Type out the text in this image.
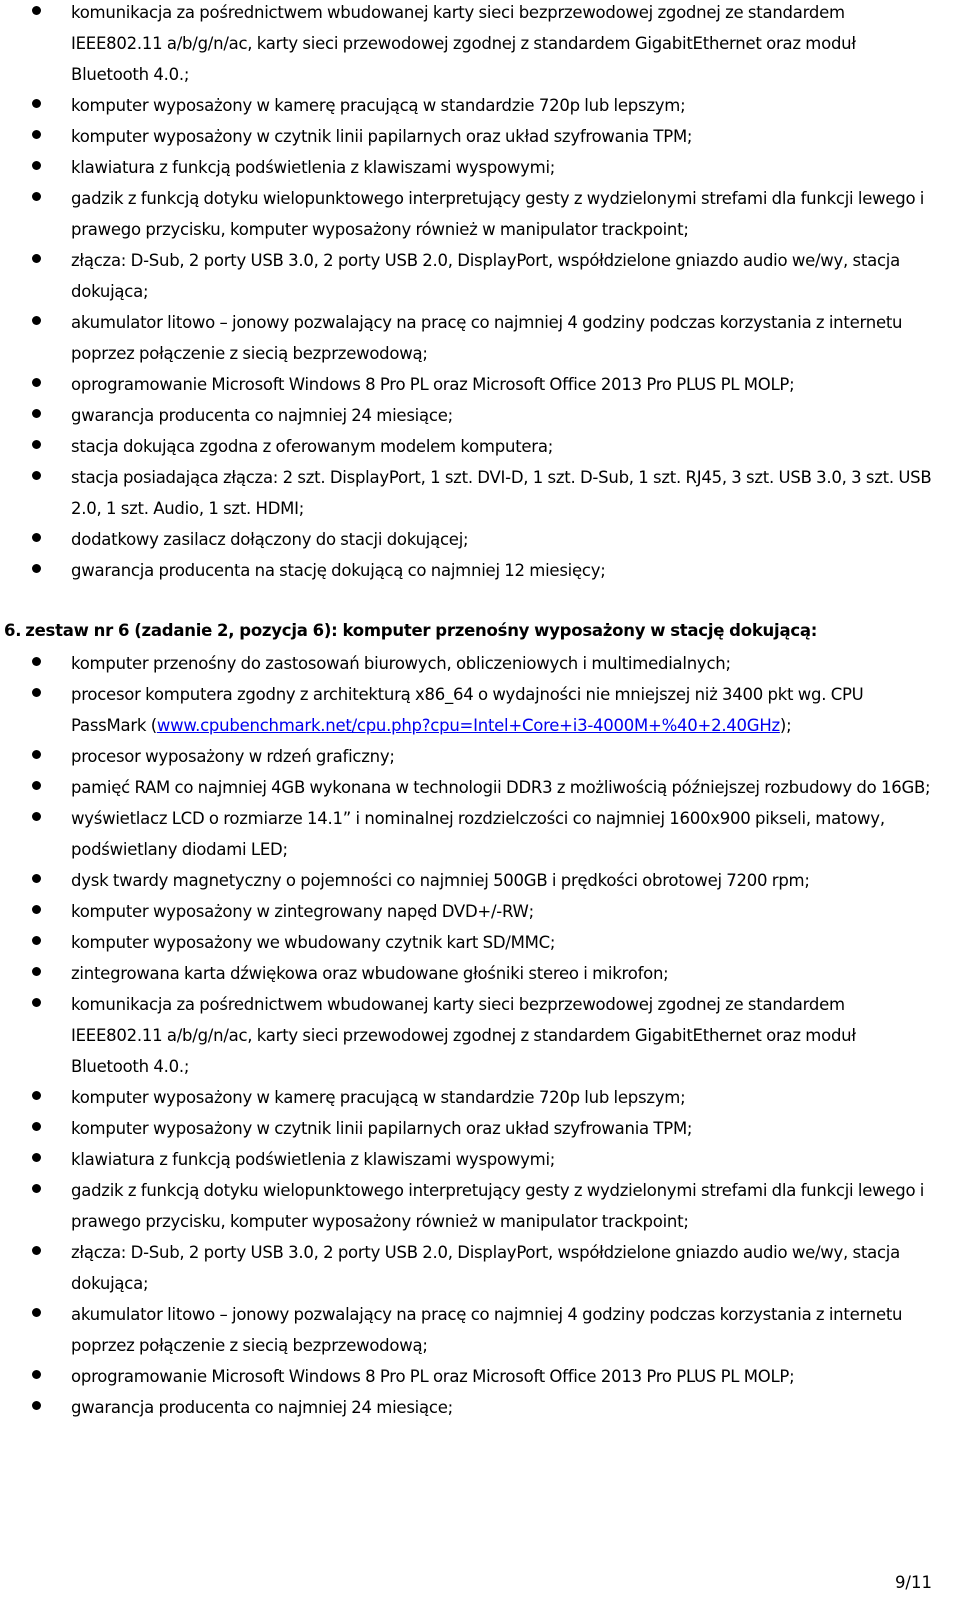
komunikacja za pośrednictwem wbudowanej karty sieci bezprzewodowej zgodnej ze standardem IEEE802.11 a/b/g/n/ac, karty sieci przewodowej zgodnej z standardem GigabitEthernet oraz moduł Bluetooth 4.0.;
komputer wyposażony w kamerę pracującą w standardzie 720p lub lepszym;
komputer wyposażony w czytnik linii papilarnych oraz układ szyfrowania TPM;
klawiatura z funkcją podświetlenia z klawiszami wyspowymi;
gadzik z funkcją dotyku wielopunktowego interpretujący gesty z wydzielonymi strefami dla funkcji lewego i prawego przycisku, komputer wyposażony również w manipulator trackpoint;
złącza: D-Sub, 2 porty USB 3.0, 2 porty USB 2.0, DisplayPort, współdzielone gniazdo audio we/wy, stacja dokująca;
akumulator litowo – jonowy pozwalający na pracę co najmniej 4 godziny podczas korzystania z internetu poprzez połączenie z siecią bezprzewodową;
oprogramowanie Microsoft Windows 8 Pro PL oraz Microsoft Office 2013 Pro PLUS PL MOLP;
gwarancja producenta co najmniej 24 miesiące;
stacja dokująca zgodna z oferowanym modelem komputera;
stacja posiadająca złącza: 2 szt. DisplayPort, 1 szt. DVI-D, 1 szt. D-Sub, 1 szt. RJ45, 3 szt. USB 3.0, 3 szt. USB 2.0, 1 szt. Audio, 1 szt. HDMI;
dodatkowy zasilacz dołączony do stacji dokującej;
gwarancja producenta na stację dokującą co najmniej 12 miesięcy;
6. zestaw nr 6 (zadanie 2, pozycja 6): komputer przenośny wyposażony w stację dokującą:
komputer przenośny do zastosowań biurowych, obliczeniowych i multimedialnych;
procesor komputera zgodny z architekturą x86_64 o wydajności nie mniejszej niż 3400 pkt wg. CPU PassMark (www.cpubenchmark.net/cpu.php?cpu=Intel+Core+i3-4000M+%40+2.40GHz);
procesor wyposażony w rdzeń graficzny;
pamięć RAM co najmniej 4GB wykonana w technologii DDR3 z możliwością późniejszej rozbudowy do 16GB;
wyświetlacz LCD o rozmiarze 14.1” i nominalnej rozdzielczości co najmniej 1600x900 pikseli, matowy, podświetlany diodami LED;
dysk twardy magnetyczny o pojemności co najmniej 500GB i prędkości obrotowej 7200 rpm;
komputer wyposażony w zintegrowany napęd DVD+/-RW;
komputer wyposażony we wbudowany czytnik kart SD/MMC;
zintegrowana karta dźwiękowa oraz wbudowane głośniki stereo i mikrofon;
komunikacja za pośrednictwem wbudowanej karty sieci bezprzewodowej zgodnej ze standardem IEEE802.11 a/b/g/n/ac, karty sieci przewodowej zgodnej z standardem GigabitEthernet oraz moduł Bluetooth 4.0.;
komputer wyposażony w kamerę pracującą w standardzie 720p lub lepszym;
komputer wyposażony w czytnik linii papilarnych oraz układ szyfrowania TPM;
klawiatura z funkcją podświetlenia z klawiszami wyspowymi;
gadzik z funkcją dotyku wielopunktowego interpretujący gesty z wydzielonymi strefami dla funkcji lewego i prawego przycisku, komputer wyposażony również w manipulator trackpoint;
złącza: D-Sub, 2 porty USB 3.0, 2 porty USB 2.0, DisplayPort, współdzielone gniazdo audio we/wy, stacja dokująca;
akumulator litowo – jonowy pozwalający na pracę co najmniej 4 godziny podczas korzystania z internetu poprzez połączenie z siecią bezprzewodową;
oprogramowanie Microsoft Windows 8 Pro PL oraz Microsoft Office 2013 Pro PLUS PL MOLP;
gwarancja producenta co najmniej 24 miesiące;
9/11
